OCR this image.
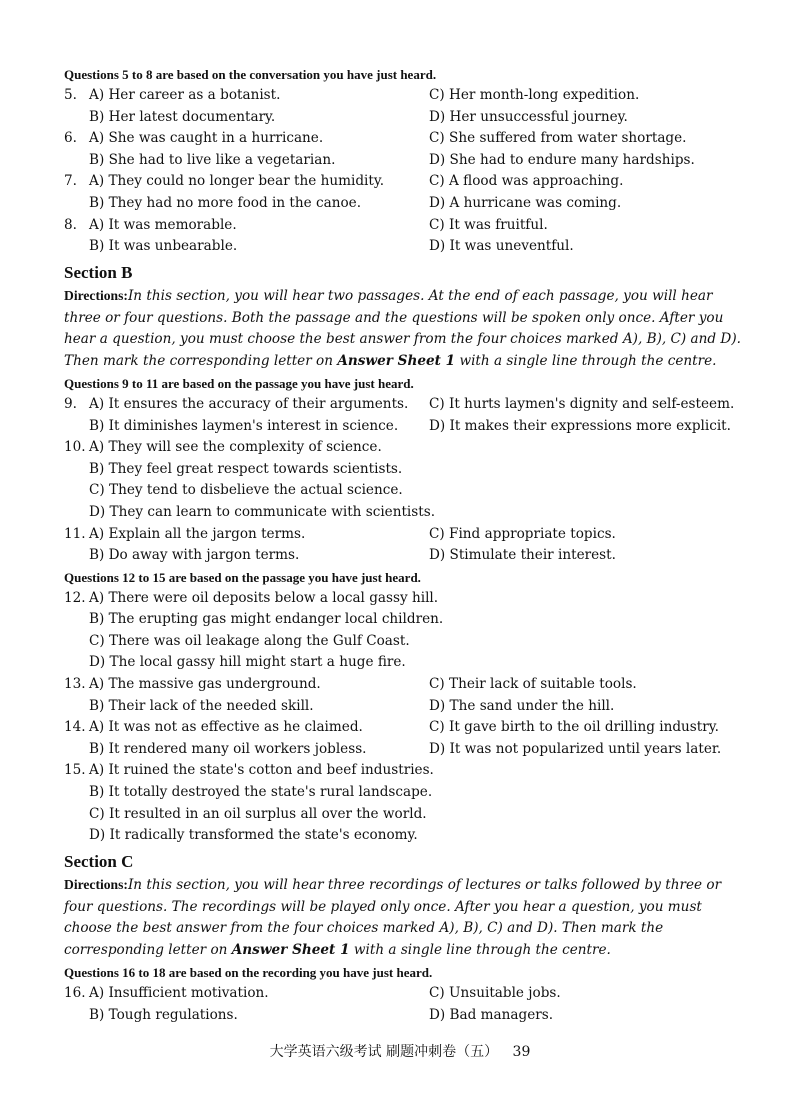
Questions 5 to 8 are based on the conversation you have just heard.
5. A) Her career as a botanist.	C) Her month-long expedition.
B) Her latest documentary.	D) Her unsuccessful journey.
6. A) She was caught in a hurricane.	C) She suffered from water shortage.
B) She had to live like a vegetarian.	D) She had to endure many hardships.
7. A) They could no longer bear the humidity.	C) A flood was approaching.
B) They had no more food in the canoe.	D) A hurricane was coming.
8. A) It was memorable.	C) It was fruitful.
B) It was unbearable.	D) It was uneventful.
Section B
Directions:In this section, you will hear two passages. At the end of each passage, you will hear three or four questions. Both the passage and the questions will be spoken only once. After you hear a question, you must choose the best answer from the four choices marked A), B), C) and D). Then mark the corresponding letter on Answer Sheet 1 with a single line through the centre.
Questions 9 to 11 are based on the passage you have just heard.
9. A) It ensures the accuracy of their arguments.	C) It hurts laymen's dignity and self-esteem.
B) It diminishes laymen's interest in science.	D) It makes their expressions more explicit.
10. A) They will see the complexity of science.
B) They feel great respect towards scientists.
C) They tend to disbelieve the actual science.
D) They can learn to communicate with scientists.
11. A) Explain all the jargon terms.	C) Find appropriate topics.
B) Do away with jargon terms.	D) Stimulate their interest.
Questions 12 to 15 are based on the passage you have just heard.
12. A) There were oil deposits below a local gassy hill.
B) The erupting gas might endanger local children.
C) There was oil leakage along the Gulf Coast.
D) The local gassy hill might start a huge fire.
13. A) The massive gas underground.	C) Their lack of suitable tools.
B) Their lack of the needed skill.	D) The sand under the hill.
14. A) It was not as effective as he claimed.	C) It gave birth to the oil drilling industry.
B) It rendered many oil workers jobless.	D) It was not popularized until years later.
15. A) It ruined the state's cotton and beef industries.
B) It totally destroyed the state's rural landscape.
C) It resulted in an oil surplus all over the world.
D) It radically transformed the state's economy.
Section C
Directions:In this section, you will hear three recordings of lectures or talks followed by three or four questions. The recordings will be played only once. After you hear a question, you must choose the best answer from the four choices marked A), B), C) and D). Then mark the corresponding letter on Answer Sheet 1 with a single line through the centre.
Questions 16 to 18 are based on the recording you have just heard.
16. A) Insufficient motivation.	C) Unsuitable jobs.
B) Tough regulations.	D) Bad managers.
大学英语六级考试 刷题冲刺卷（五） 39
